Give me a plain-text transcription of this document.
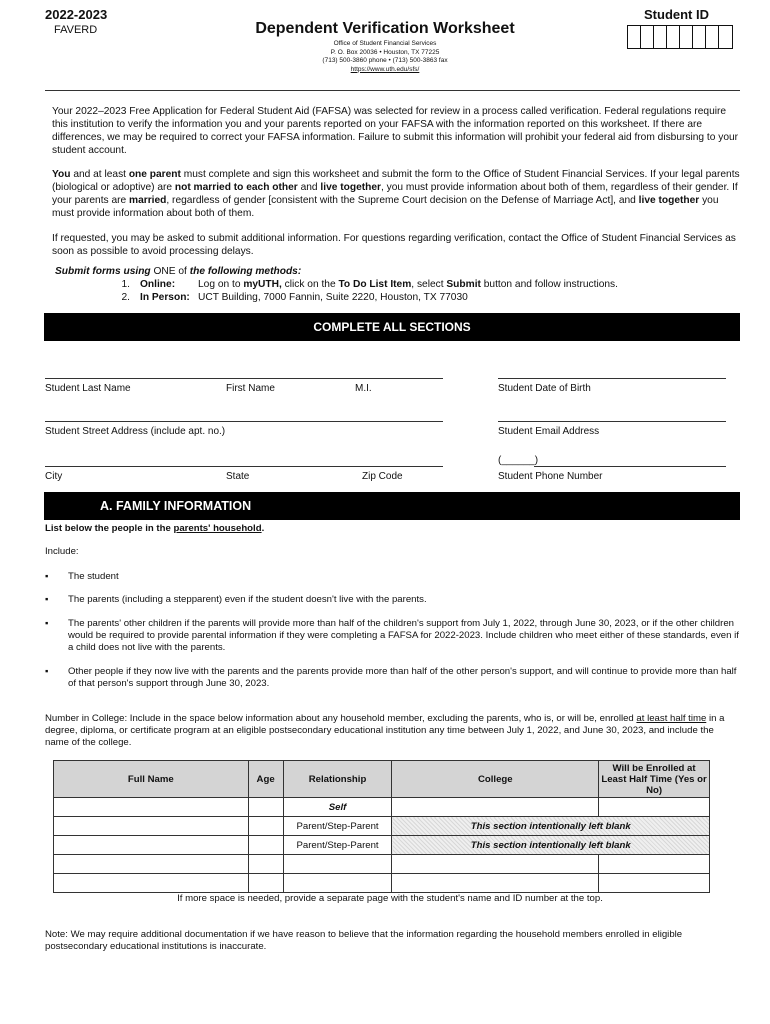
2022-2023
FAVERD	Dependent Verification Worksheet
Office of Student Financial Services
P. O. Box 20036 • Houston, TX 77225
(713) 500-3860 phone • (713) 500-3863 fax
https://www.uth.edu/sfs/
Student ID
Your 2022–2023 Free Application for Federal Student Aid (FAFSA) was selected for review in a process called verification. Federal regulations require this institution to verify the information you and your parents reported on your FAFSA with the information reported on this worksheet. If there are differences, we may be required to correct your FAFSA information. Failure to submit this information will prohibit your federal aid from disbursing to your student account.
You and at least one parent must complete and sign this worksheet and submit the form to the Office of Student Financial Services. If your legal parents (biological or adoptive) are not married to each other and live together, you must provide information about both of them, regardless of their gender. If your parents are married, regardless of gender [consistent with the Supreme Court decision on the Defense of Marriage Act], and live together you must provide information about both of them.
If requested, you may be asked to submit additional information. For questions regarding verification, contact the Office of Student Financial Services as soon as possible to avoid processing delays.
Submit forms using ONE of the following methods:
1. Online:	Log on to myUTH, click on the To Do List Item, select Submit button and follow instructions.
2. In Person: UCT Building, 7000 Fannin, Suite 2220, Houston, TX 77030
COMPLETE ALL SECTIONS
Student Last Name	First Name	M.I.	Student Date of Birth
Student Street Address (include apt. no.)	Student Email Address
(______)
City	State	Zip Code	Student Phone Number
A. FAMILY INFORMATION
List below the people in the parents' household.
Include:
▪	The student
▪	The parents (including a stepparent) even if the student doesn't live with the parents.
▪	The parents' other children if the parents will provide more than half of the children's support from July 1, 2022, through June 30, 2023, or if the other children would be required to provide parental information if they were completing a FAFSA for 2022-2023. Include children who meet either of these standards, even if a child does not live with the parents.
▪	Other people if they now live with the parents and the parents provide more than half of the other person's support, and will continue to provide more than half of that person's support through June 30, 2023.
Number in College: Include in the space below information about any household member, excluding the parents, who is, or will be, enrolled at least half time in a degree, diploma, or certificate program at an eligible postsecondary educational institution any time between July 1, 2022, and June 30, 2023, and include the name of the college.
Full Name	Age	Relationship	College	Will be Enrolled at Least Half Time (Yes or No)
		Self		
		Parent/Step-Parent	This section intentionally left blank	
		Parent/Step-Parent	This section intentionally left blank	

If more space is needed, provide a separate page with the student's name and ID number at the top.
Note: We may require additional documentation if we have reason to believe that the information regarding the household members enrolled in eligible postsecondary educational institutions is inaccurate.
